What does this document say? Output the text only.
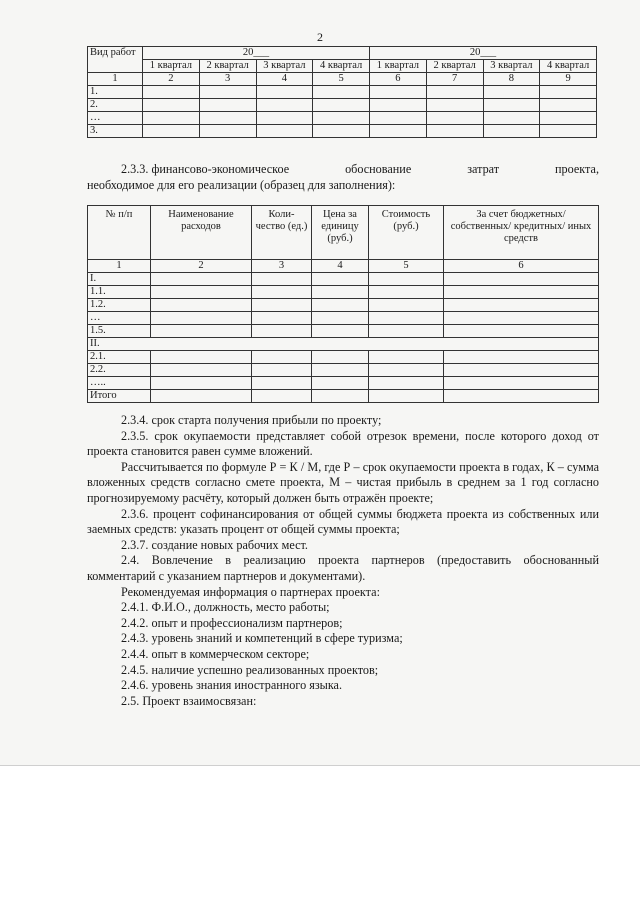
2
Вид работ	20___				20___			
	1 квартал	2 квартал	3 квартал	4 квартал	1 квартал	2 квартал	3 квартал	4 квартал
1	2	3	4	5	6	7	8	9
1.								
2.								
…								
3.								
2.3.3. финансово-экономическое	обоснование	затрат	проекта,

необходимое для его реализации (образец для заполнения):

№ п/п	Наименование расходов	Коли-чество (ед.)	Цена за единицу (руб.)	Стоимость (руб.)	За счет бюджетных/ собственных/ кредитных/ иных средств
1	2	3	4	5	6
I.					
1.1.					
1.2.					
…					
1.5.					
II.					
2.1.					
2.2.					
…..					
Итого					

2.3.4. срок старта получения прибыли по проекту;

2.3.5. срок окупаемости представляет собой отрезок времени, после которого доход от проекта становится равен сумме вложений.

Рассчитывается по формуле Р = К / М, где Р – срок окупаемости проекта в годах, К – сумма вложенных средств согласно смете проекта, М – чистая прибыль в среднем за 1 год согласно прогнозируемому расчёту, который должен быть отражён проекте;

2.3.6. процент софинансирования от общей суммы бюджета проекта из собственных или заемных средств: указать процент от общей суммы проекта;

2.3.7. создание новых рабочих мест.

2.4. Вовлечение в реализацию проекта партнеров (предоставить обоснованный комментарий с указанием партнеров и документами).

Рекомендуемая информация о партнерах проекта:

2.4.1. Ф.И.О., должность, место работы;

2.4.2. опыт и профессионализм партнеров;

2.4.3. уровень знаний и компетенций в сфере туризма;

2.4.4. опыт в коммерческом секторе;

2.4.5. наличие успешно реализованных проектов;

2.4.6. уровень знания иностранного языка.

2.5. Проект взаимосвязан:
